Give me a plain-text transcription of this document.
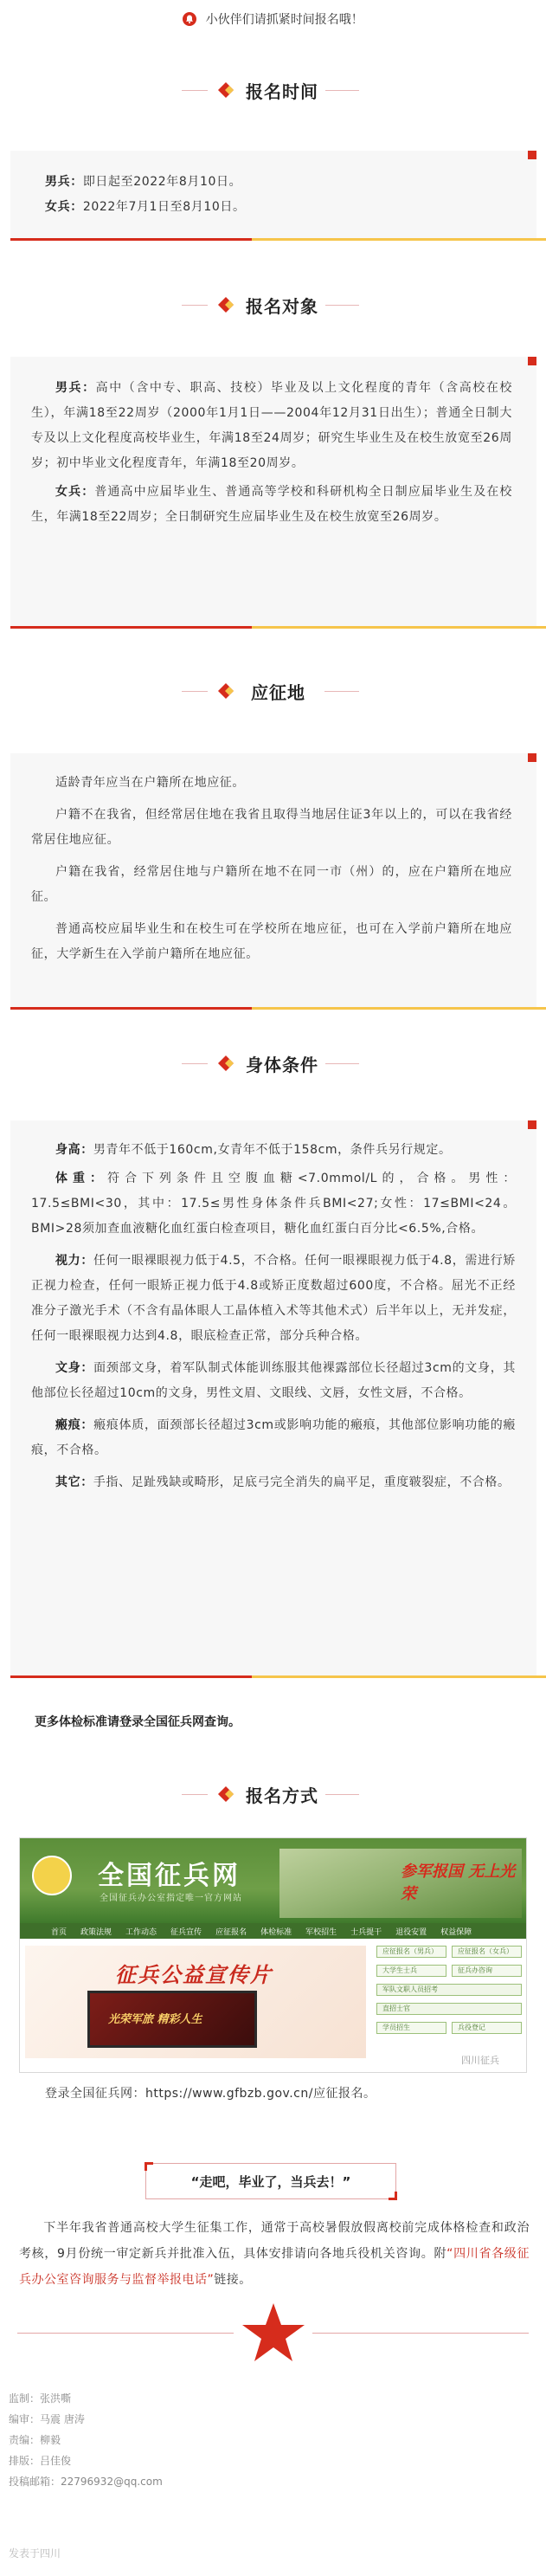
小伙伴们请抓紧时间报名哦！
报名时间

男兵：即日起至2022年8月10日。

女兵：2022年7月1日至8月10日。

报名对象

男兵：高中（含中专、职高、技校）毕业及以上文化程度的青年（含高校在校生），年满18至22周岁（2000年1月1日——2004年12月31日出生）；普通全日制大专及以上文化程度高校毕业生，年满18至24周岁；研究生毕业生及在校生放宽至26周岁；初中毕业文化程度青年，年满18至20周岁。

女兵：普通高中应届毕业生、普通高等学校和科研机构全日制应届毕业生及在校生，年满18至22周岁；全日制研究生应届毕业生及在校生放宽至26周岁。

应征地

适龄青年应当在户籍所在地应征。

户籍不在我省，但经常居住地在我省且取得当地居住证3年以上的，可以在我省经常居住地应征。

户籍在我省，经常居住地与户籍所在地不在同一市（州）的，应在户籍所在地应征。

普通高校应届毕业生和在校生可在学校所在地应征，也可在入学前户籍所在地应征，大学新生在入学前户籍所在地应征。

身体条件

身高：男青年不低于160cm,女青年不低于158cm，条件兵另行规定。

体重：符合下列条件且空腹血糖<7.0mmol/L的，合格。男性：17.5≤BMI<30，其中：17.5≤男性身体条件兵BMI<27;女性：17≤BMI<24。BMI>28须加查血液糖化血红蛋白检查项目，糖化血红蛋白百分比<6.5%,合格。

视力：任何一眼裸眼视力低于4.5，不合格。任何一眼裸眼视力低于4.8，需进行矫正视力检查，任何一眼矫正视力低于4.8或矫正度数超过600度，不合格。屈光不正经准分子激光手术（不含有晶体眼人工晶体植入术等其他术式）后半年以上，无并发症，任何一眼裸眼视力达到4.8，眼底检查正常，部分兵种合格。

文身：面颈部文身，着军队制式体能训练服其他裸露部位长径超过3cm的文身，其他部位长径超过10cm的文身，男性文眉、文眼线、文唇，女性文唇，不合格。

瘢痕：瘢痕体质，面颈部长径超过3cm或影响功能的瘢痕，其他部位影响功能的瘢痕，不合格。

其它：手指、足趾残缺或畸形，足底弓完全消失的扁平足，重度皲裂症，不合格。

更多体检标准请登录全国征兵网查询。
报名方式
全国征兵网
全国征兵办公室指定唯一官方网站
参军报国 无上光荣
首页 政策法规 工作动态 征兵宣传 应征报名 体检标准 军校招生 士兵提干 退役安置 权益保障
征兵公益宣传片
光荣军旅 精彩人生
应征报名（男兵）	应征报名（女兵）
大学生士兵	征兵办咨询
军队文职人员招考
直招士官
学员招生	兵役登记
四川征兵
登录全国征兵网：https://www.gfbzb.gov.cn/应征报名。
“走吧，毕业了，当兵去！”
下半年我省普通高校大学生征集工作，通常于高校暑假放假离校前完成体格检查和政治考核，9月份统一审定新兵并批准入伍，具体安排请向各地兵役机关咨询。附“四川省各级征兵办公室咨询服务与监督举报电话”链接。
监制：张洪嘶
编审：马震 唐涛
责编：柳毅
排版：吕佳俊
投稿邮箱：22796932@qq.com
发表于四川
